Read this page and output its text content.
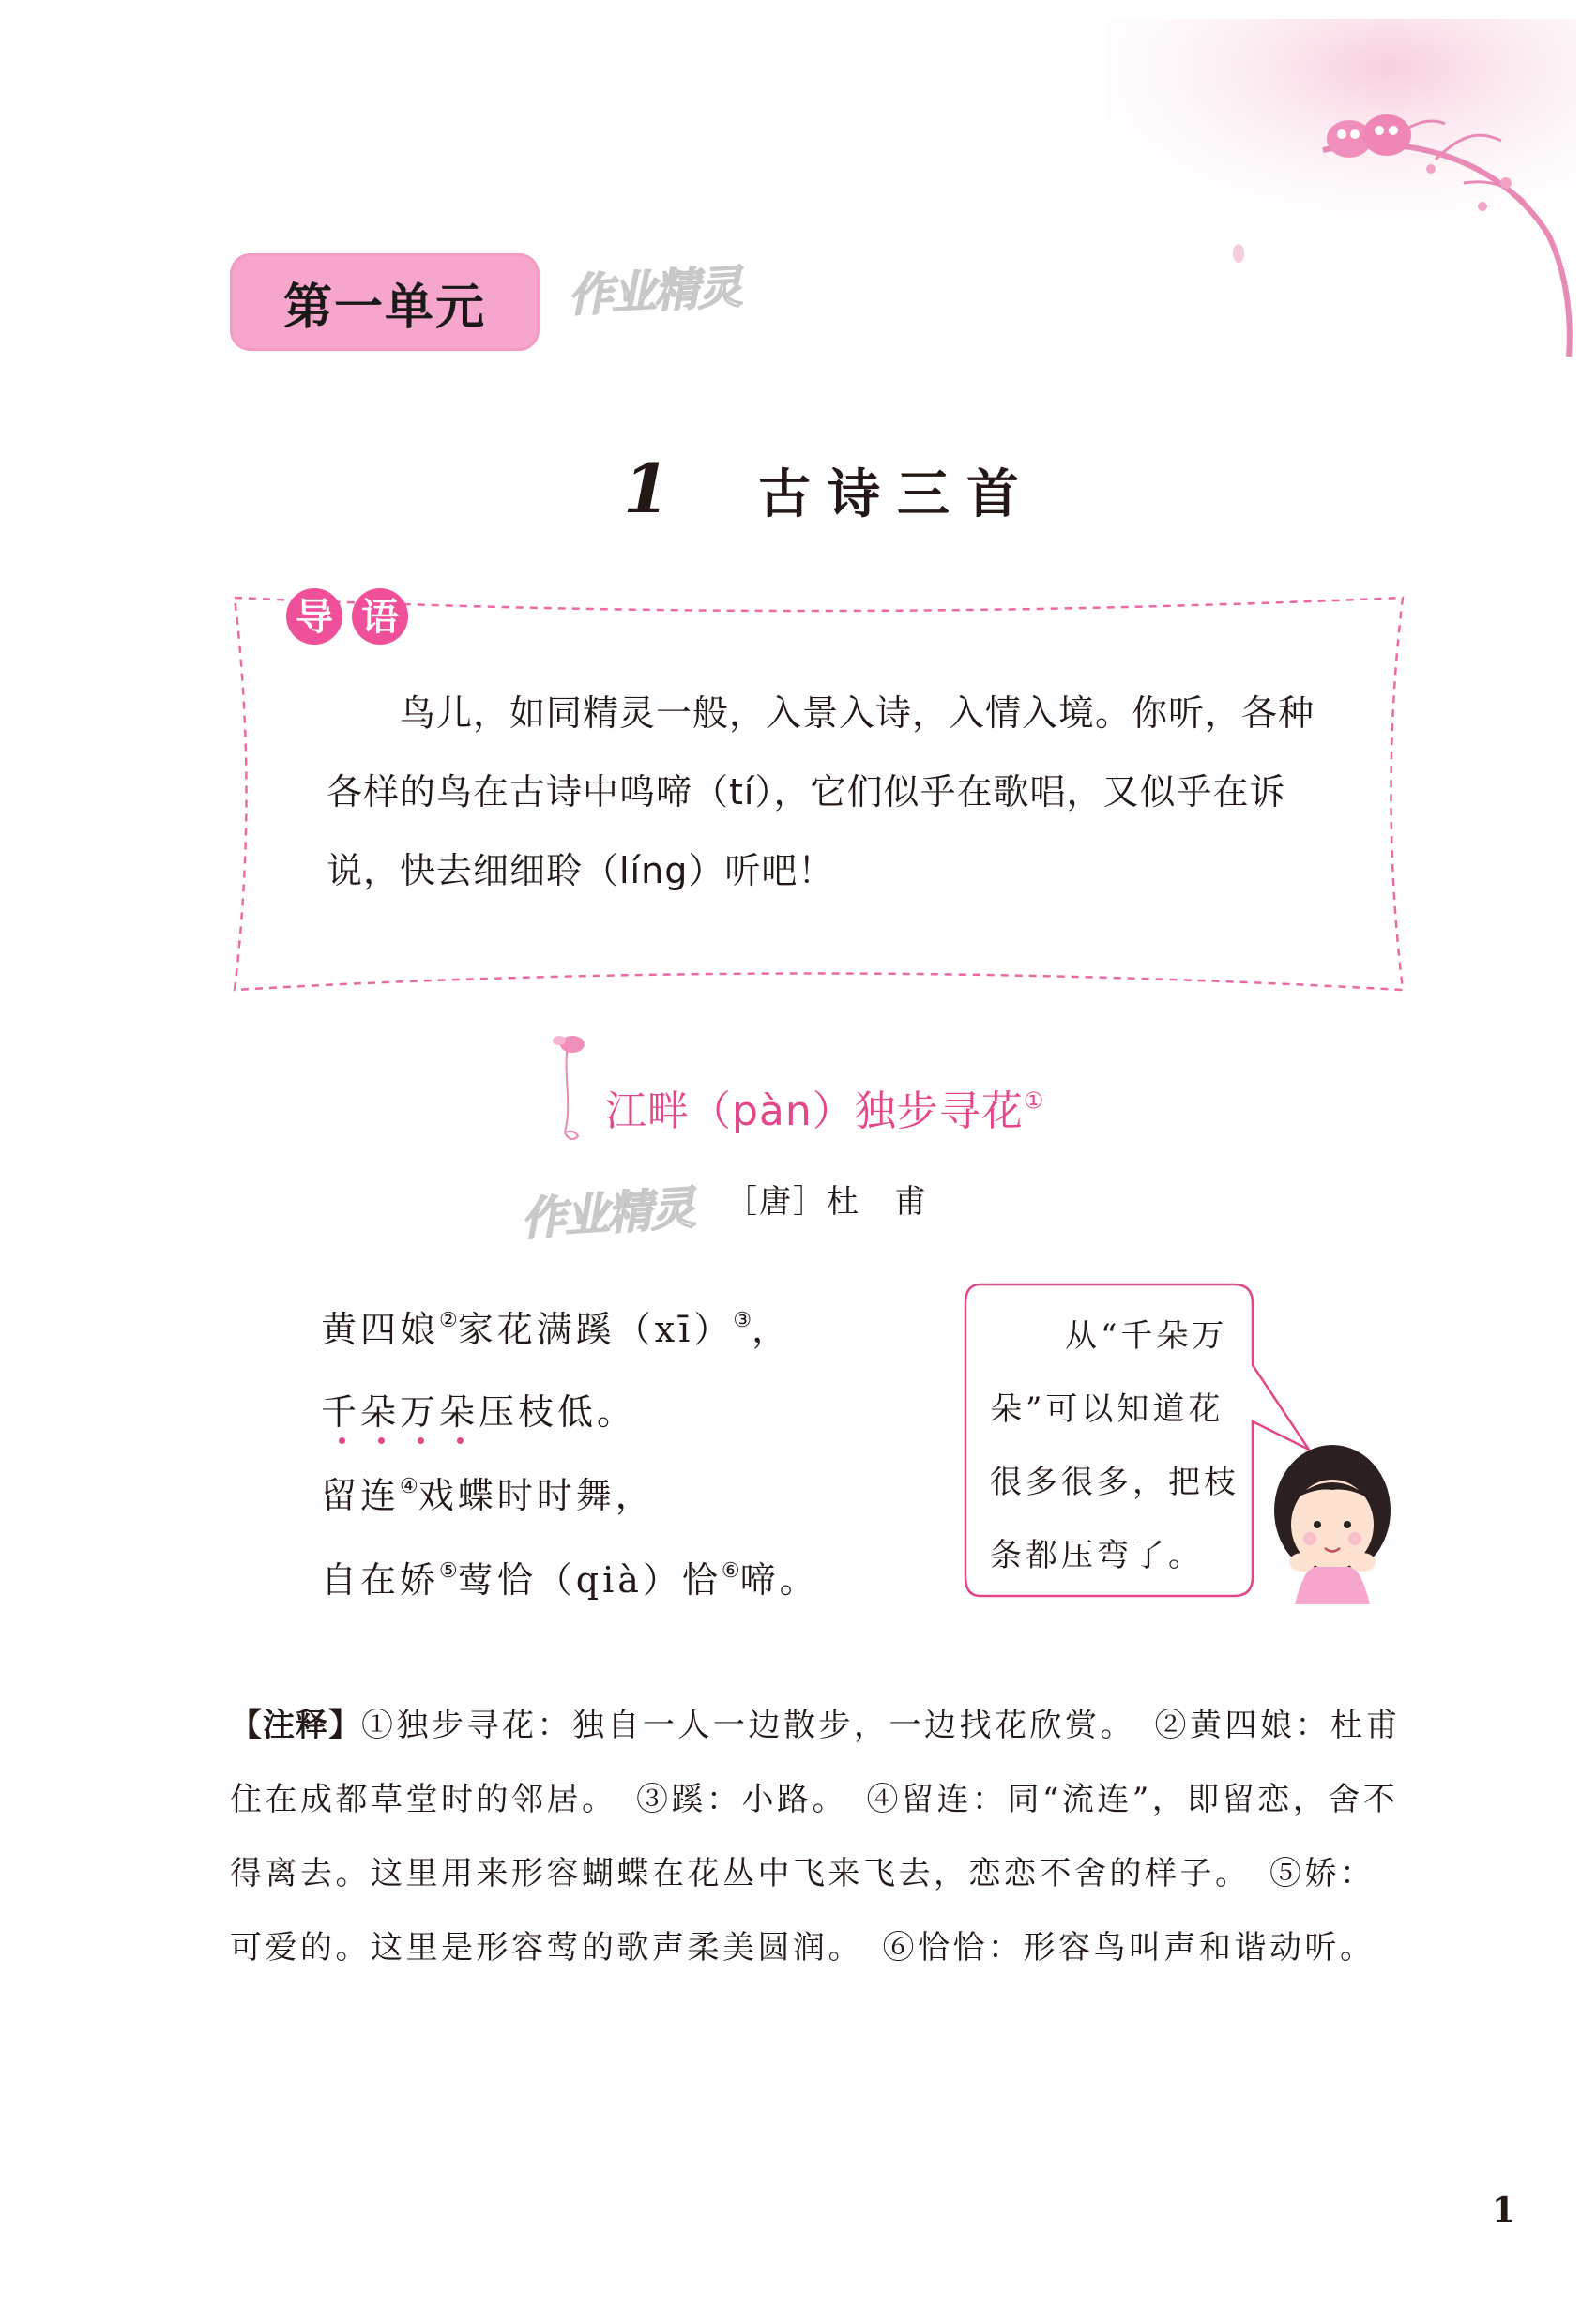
第一单元	作业精灵
1 古诗三首
导 语
鸟儿，如同精灵一般，入景入诗，入情入境。你听，各种各样的鸟在古诗中鸣啼（tí），它们似乎在歌唱，又似乎在诉说，快去细细聆（líng）听吧！
江畔（pàn）独步寻花①
作业精灵 ［唐］杜　甫
黄四娘②家花满蹊（xī）③，
千朵万朵压枝低。
留连④戏蝶时时舞，
自在娇⑤莺恰（qià）恰⑥啼。
从“千朵万朵”可以知道花很多很多，把枝条都压弯了。
【注释】①独步寻花：独自一人一边散步，一边找花欣赏。　②黄四娘：杜甫住在成都草堂时的邻居。　③蹊：小路。　④留连：同“流连”，即留恋，舍不得离去。这里用来形容蝴蝶在花丛中飞来飞去，恋恋不舍的样子。　⑤娇：可爱的。这里是形容莺的歌声柔美圆润。　⑥恰恰：形容鸟叫声和谐动听。
1
